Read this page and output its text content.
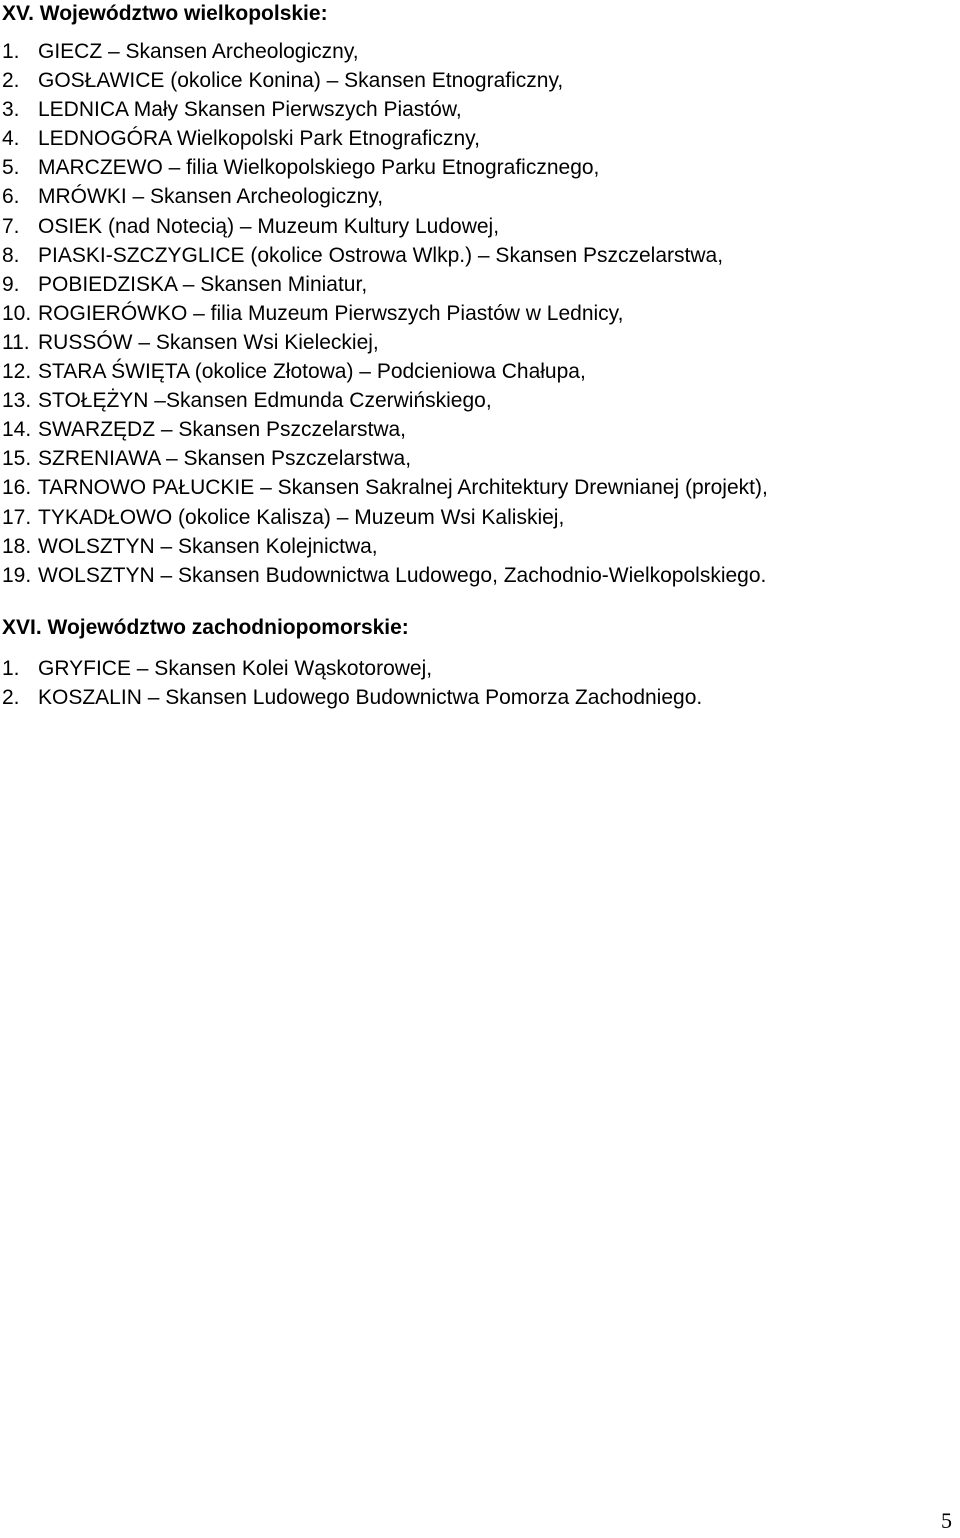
XV. Województwo wielkopolskie:
1. GIECZ – Skansen Archeologiczny,
2. GOSŁAWICE (okolice Konina) – Skansen Etnograficzny,
3. LEDNICA Mały Skansen Pierwszych Piastów,
4. LEDNOGÓRA Wielkopolski Park Etnograficzny,
5. MARCZEWO – filia Wielkopolskiego Parku Etnograficznego,
6. MRÓWKI – Skansen Archeologiczny,
7. OSIEK (nad Notecią) – Muzeum Kultury Ludowej,
8. PIASKI-SZCZYGLICE (okolice Ostrowa Wlkp.) – Skansen Pszczelarstwa,
9. POBIEDZISKA – Skansen Miniatur,
10. ROGIERÓWKO – filia Muzeum Pierwszych Piastów w Lednicy,
11. RUSSÓW – Skansen Wsi Kieleckiej,
12. STARA ŚWIĘTA (okolice Złotowa) – Podcieniowa Chałupa,
13. STOŁĘŻYN –Skansen Edmunda Czerwińskiego,
14. SWARZĘDZ – Skansen Pszczelarstwa,
15. SZRENIAWA – Skansen Pszczelarstwa,
16. TARNOWO PAŁUCKIE – Skansen Sakralnej Architektury Drewnianej (projekt),
17. TYKADŁOWO (okolice Kalisza) – Muzeum Wsi Kaliskiej,
18. WOLSZTYN – Skansen Kolejnictwa,
19. WOLSZTYN – Skansen Budownictwa Ludowego, Zachodnio-Wielkopolskiego.
XVI. Województwo zachodniopomorskie:
1. GRYFICE – Skansen Kolei Wąskotorowej,
2. KOSZALIN – Skansen Ludowego Budownictwa Pomorza Zachodniego.
5
